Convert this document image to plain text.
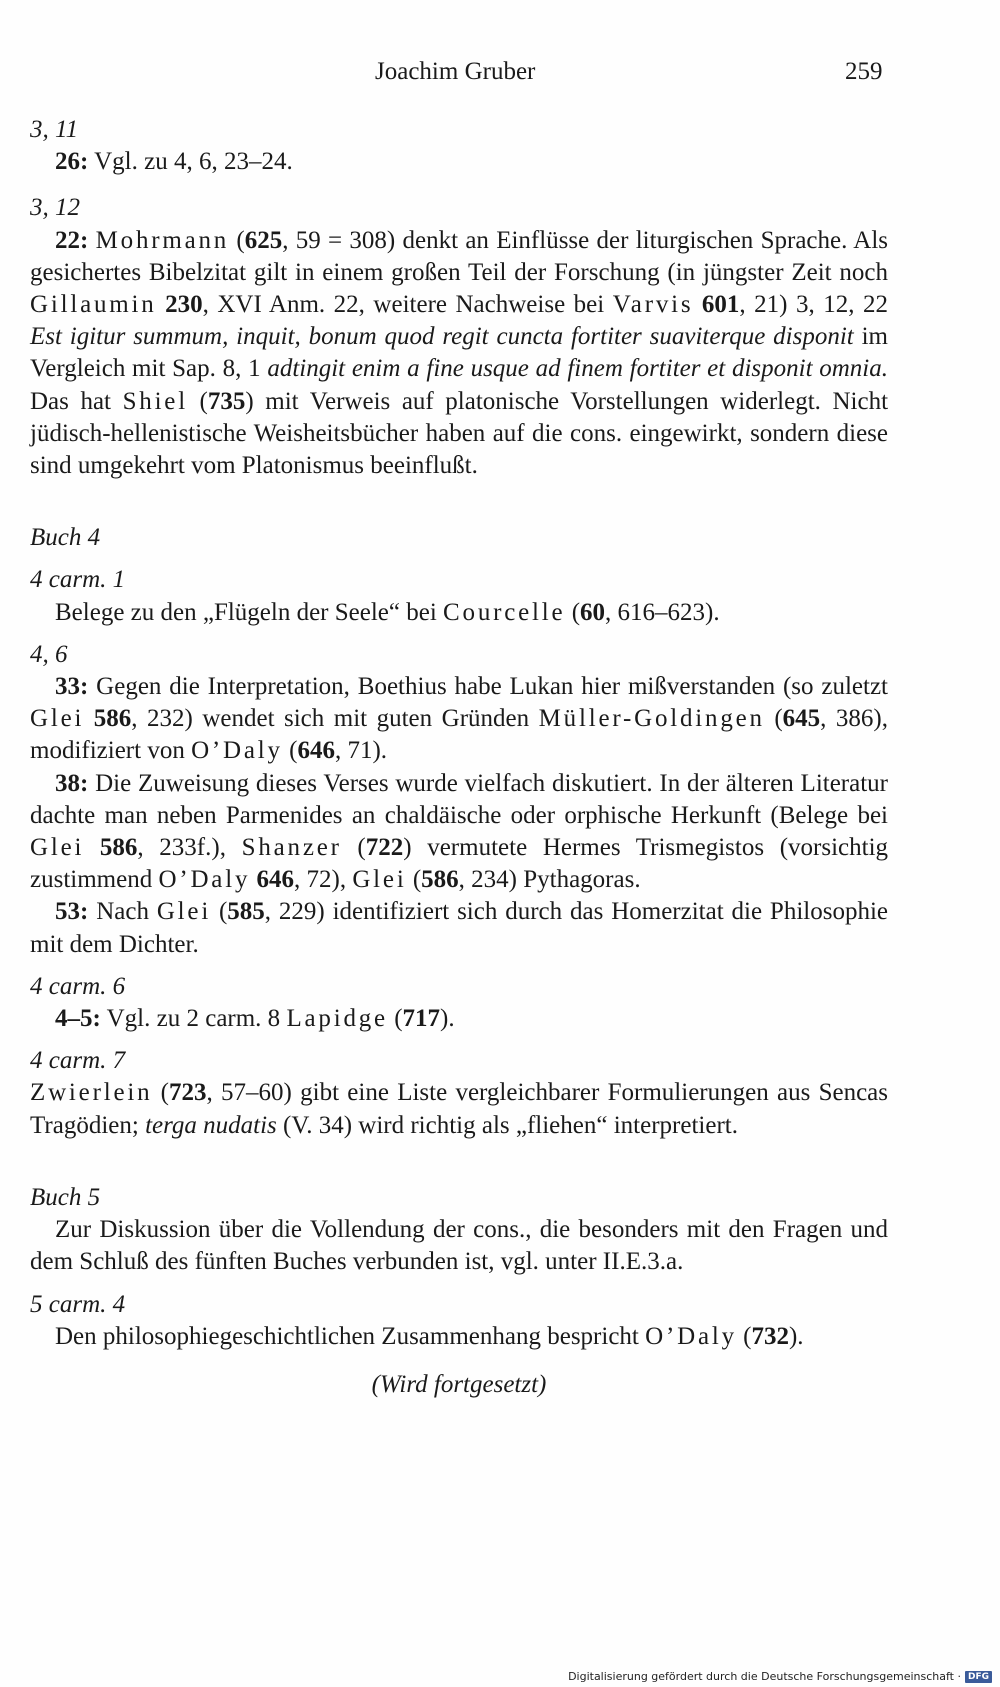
Joachim Gruber	259
3, 11
26: Vgl. zu 4, 6, 23–24.
3, 12
22: Mohrmann (625, 59 = 308) denkt an Einflüsse der liturgischen Sprache. Als gesichertes Bibelzitat gilt in einem großen Teil der Forschung (in jüngster Zeit noch Gillaumin 230, XVI Anm. 22, weitere Nachweise bei Varvis 601, 21) 3, 12, 22 Est igitur summum, inquit, bonum quod regit cuncta fortiter suaviterque disponit im Vergleich mit Sap. 8, 1 adtingit enim a fine usque ad finem fortiter et disponit omnia. Das hat Shiel (735) mit Verweis auf platonische Vorstellungen widerlegt. Nicht jüdisch-hellenistische Weisheitsbücher haben auf die cons. eingewirkt, sondern diese sind umgekehrt vom Platonismus beeinflußt.
Buch 4
4 carm. 1
Belege zu den „Flügeln der Seele“ bei Courcelle (60, 616–623).
4, 6
33: Gegen die Interpretation, Boethius habe Lukan hier mißverstanden (so zuletzt Glei 586, 232) wendet sich mit guten Gründen Müller-Goldingen (645, 386), modifiziert von O’Daly (646, 71).
38: Die Zuweisung dieses Verses wurde vielfach diskutiert. In der älteren Literatur dachte man neben Parmenides an chaldäische oder orphische Herkunft (Belege bei Glei 586, 233f.), Shanzer (722) vermutete Hermes Trismegistos (vorsichtig zustimmend O’Daly 646, 72), Glei (586, 234) Pythagoras.
53: Nach Glei (585, 229) identifiziert sich durch das Homerzitat die Philosophie mit dem Dichter.
4 carm. 6
4–5: Vgl. zu 2 carm. 8 Lapidge (717).
4 carm. 7
Zwierlein (723, 57–60) gibt eine Liste vergleichbarer Formulierungen aus Sencas Tragödien; terga nudatis (V. 34) wird richtig als „fliehen“ interpretiert.
Buch 5
Zur Diskussion über die Vollendung der cons., die besonders mit den Fragen und dem Schluß des fünften Buches verbunden ist, vgl. unter II.E.3.a.
5 carm. 4
Den philosophiegeschichtlichen Zusammenhang bespricht O’Daly (732).
(Wird fortgesetzt)
Digitalisierung gefördert durch die Deutsche Forschungsgemeinschaft · DFG
